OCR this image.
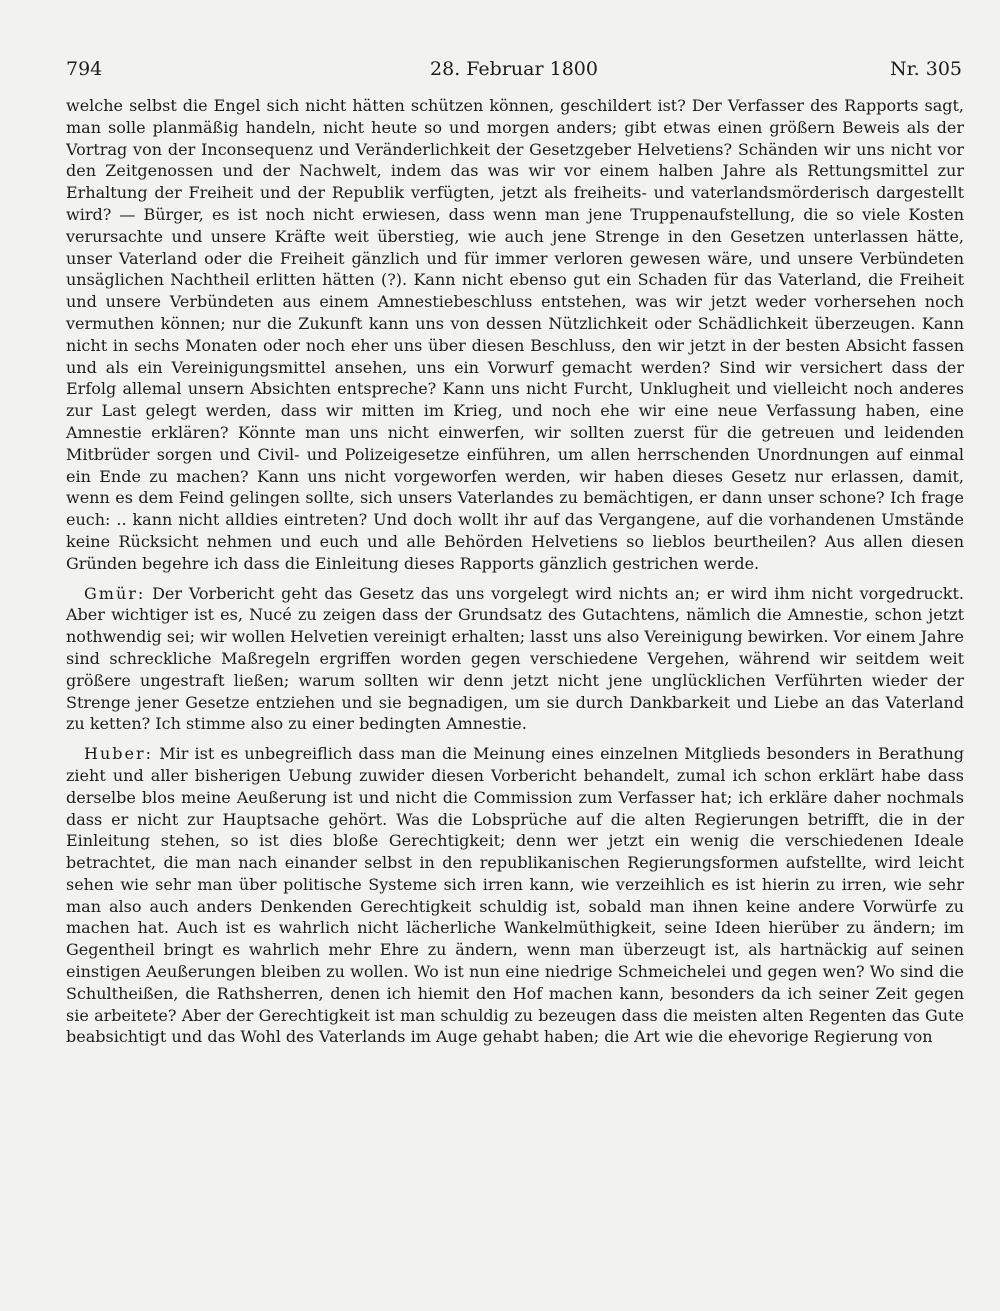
794	28. Februar 1800	Nr. 305

welche selbst die Engel sich nicht hätten schützen können, geschildert ist? Der Verfasser des Rapports sagt, man solle planmäßig handeln, nicht heute so und morgen anders; gibt etwas einen größern Beweis als der Vortrag von der Inconsequenz und Veränderlichkeit der Gesetzgeber Helvetiens? Schänden wir uns nicht vor den Zeitgenossen und der Nachwelt, indem das was wir vor einem halben Jahre als Rettungsmittel zur Erhaltung der Freiheit und der Republik verfügten, jetzt als freiheits- und vaterlandsmörderisch dargestellt wird? — Bürger, es ist noch nicht erwiesen, dass wenn man jene Truppenaufstellung, die so viele Kosten verursachte und unsere Kräfte weit überstieg, wie auch jene Strenge in den Gesetzen unterlassen hätte, unser Vaterland oder die Freiheit gänzlich und für immer verloren gewesen wäre, und unsere Verbündeten unsäglichen Nachtheil erlitten hätten (?). Kann nicht ebenso gut ein Schaden für das Vaterland, die Freiheit und unsere Verbündeten aus einem Amnestiebeschluss entstehen, was wir jetzt weder vorhersehen noch vermuthen können; nur die Zukunft kann uns von dessen Nützlichkeit oder Schädlichkeit überzeugen. Kann nicht in sechs Monaten oder noch eher uns über diesen Beschluss, den wir jetzt in der besten Absicht fassen und als ein Vereinigungsmittel ansehen, uns ein Vorwurf gemacht werden? Sind wir versichert dass der Erfolg allemal unsern Absichten entspreche? Kann uns nicht Furcht, Unklugheit und vielleicht noch anderes zur Last gelegt werden, dass wir mitten im Krieg, und noch ehe wir eine neue Verfassung haben, eine Amnestie erklären? Könnte man uns nicht einwerfen, wir sollten zuerst für die getreuen und leidenden Mitbrüder sorgen und Civil- und Polizeigesetze einführen, um allen herrschenden Unordnungen auf einmal ein Ende zu machen? Kann uns nicht vorgeworfen werden, wir haben dieses Gesetz nur erlassen, damit, wenn es dem Feind gelingen sollte, sich unsers Vaterlandes zu bemächtigen, er dann unser schone? Ich frage euch: .. kann nicht alldies eintreten? Und doch wollt ihr auf das Vergangene, auf die vorhandenen Umstände keine Rücksicht nehmen und euch und alle Behörden Helvetiens so lieblos beurtheilen? Aus allen diesen Gründen begehre ich dass die Einleitung dieses Rapports gänzlich gestrichen werde.

Gmür: Der Vorbericht geht das Gesetz das uns vorgelegt wird nichts an; er wird ihm nicht vorgedruckt. Aber wichtiger ist es, Nucé zu zeigen dass der Grundsatz des Gutachtens, nämlich die Amnestie, schon jetzt nothwendig sei; wir wollen Helvetien vereinigt erhalten; lasst uns also Vereinigung bewirken. Vor einem Jahre sind schreckliche Maßregeln ergriffen worden gegen verschiedene Vergehen, während wir seitdem weit größere ungestraft ließen; warum sollten wir denn jetzt nicht jene unglücklichen Verführten wieder der Strenge jener Gesetze entziehen und sie begnadigen, um sie durch Dankbarkeit und Liebe an das Vaterland zu ketten? Ich stimme also zu einer bedingten Amnestie.

Huber: Mir ist es unbegreiflich dass man die Meinung eines einzelnen Mitglieds besonders in Berathung zieht und aller bisherigen Uebung zuwider diesen Vorbericht behandelt, zumal ich schon erklärt habe dass derselbe blos meine Aeußerung ist und nicht die Commission zum Verfasser hat; ich erkläre daher nochmals dass er nicht zur Hauptsache gehört. Was die Lobsprüche auf die alten Regierungen betrifft, die in der Einleitung stehen, so ist dies bloße Gerechtigkeit; denn wer jetzt ein wenig die verschiedenen Ideale betrachtet, die man nach einander selbst in den republikanischen Regierungsformen aufstellte, wird leicht sehen wie sehr man über politische Systeme sich irren kann, wie verzeihlich es ist hierin zu irren, wie sehr man also auch anders Denkenden Gerechtigkeit schuldig ist, sobald man ihnen keine andere Vorwürfe zu machen hat. Auch ist es wahrlich nicht lächerliche Wankelmüthigkeit, seine Ideen hierüber zu ändern; im Gegentheil bringt es wahrlich mehr Ehre zu ändern, wenn man überzeugt ist, als hartnäckig auf seinen einstigen Aeußerungen bleiben zu wollen. Wo ist nun eine niedrige Schmeichelei und gegen wen? Wo sind die Schultheißen, die Rathsherren, denen ich hiemit den Hof machen kann, besonders da ich seiner Zeit gegen sie arbeitete? Aber der Gerechtigkeit ist man schuldig zu bezeugen dass die meisten alten Regenten das Gute beabsichtigt und das Wohl des Vaterlands im Auge gehabt haben; die Art wie die ehevorige Regierung von
